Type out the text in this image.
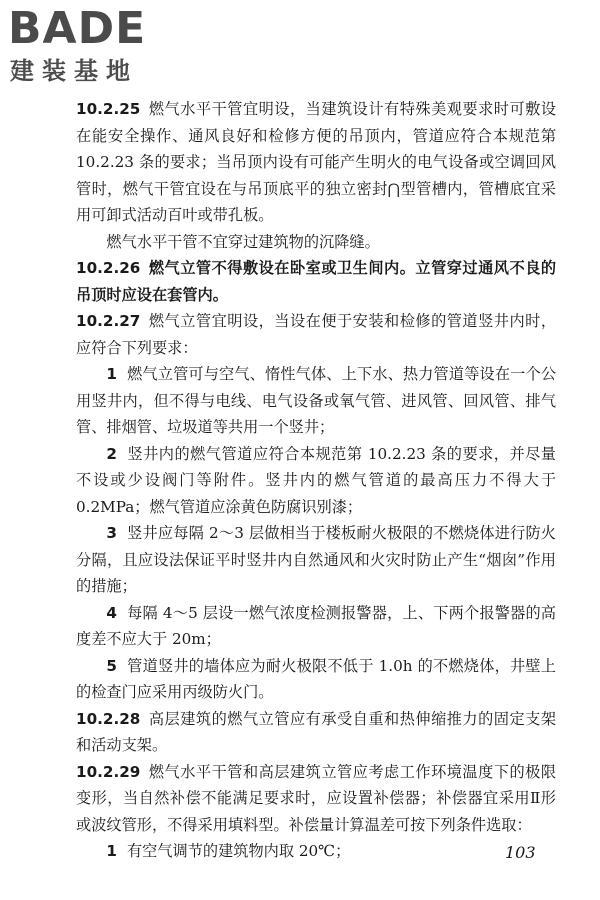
BADE
建装基地

10.2.25 燃气水平干管宜明设，当建筑设计有特殊美观要求时可敷设在能安全操作、通风良好和检修方便的吊顶内，管道应符合本规范第 10.2.23 条的要求；当吊顶内设有可能产生明火的电气设备或空调回风管时，燃气干管宜设在与吊顶底平的独立密封⋂型管槽内，管槽底宜采用可卸式活动百叶或带孔板。

燃气水平干管不宜穿过建筑物的沉降缝。

10.2.26 燃气立管不得敷设在卧室或卫生间内。立管穿过通风不良的吊顶时应设在套管内。

10.2.27 燃气立管宜明设，当设在便于安装和检修的管道竖井内时，应符合下列要求：

1 燃气立管可与空气、惰性气体、上下水、热力管道等设在一个公用竖井内，但不得与电线、电气设备或氧气管、进风管、回风管、排气管、排烟管、垃圾道等共用一个竖井；

2 竖井内的燃气管道应符合本规范第 10.2.23 条的要求，并尽量不设或少设阀门等附件。竖井内的燃气管道的最高压力不得大于 0.2MPa；燃气管道应涂黄色防腐识别漆；

3 竖井应每隔 2～3 层做相当于楼板耐火极限的不燃烧体进行防火分隔，且应设法保证平时竖井内自然通风和火灾时防止产生“烟囱”作用的措施；

4 每隔 4～5 层设一燃气浓度检测报警器，上、下两个报警器的高度差不应大于 20m；

5 管道竖井的墙体应为耐火极限不低于 1.0h 的不燃烧体，井壁上的检查门应采用丙级防火门。

10.2.28 高层建筑的燃气立管应有承受自重和热伸缩推力的固定支架和活动支架。

10.2.29 燃气水平干管和高层建筑立管应考虑工作环境温度下的极限变形，当自然补偿不能满足要求时，应设置补偿器；补偿器宜采用Ⅱ形或波纹管形，不得采用填料型。补偿量计算温差可按下列条件选取：

1 有空气调节的建筑物内取 20℃；	103
